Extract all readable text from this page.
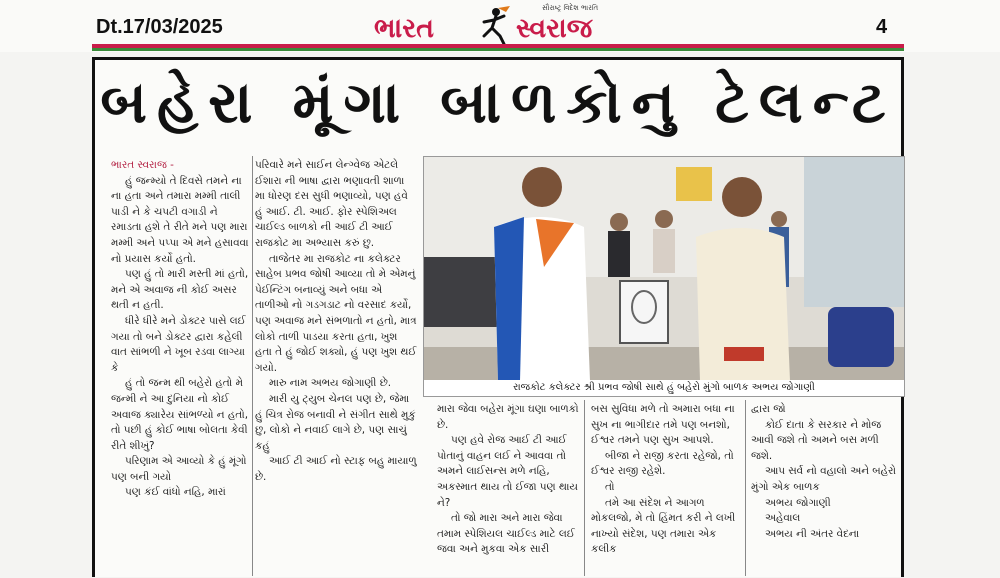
Dt.17/03/2025	ભારત	સ્વરાજ
સૌરાષ્ટ્ર વિદેશ ભારતિ
4
બહેરા મૂંગા બાળકોનુ ટેલન્ટ

ભારત સ્વરાજ -

હું જન્મ્યો તે દિવસે તમને ના ના હતા અને તમારા મમ્મી તાલી પાડી ને કે ચપટી વગાડી ને રમાડતા હશે તે રીતે મને પણ મારા મમ્મી અને પપ્પા એ મને હસાવવા નો પ્રયાસ કર્યો હતો.

પણ હું તો મારી મસ્તી માં હતો, મને એ અવાજ ની કોઈ અસર થતી ન હતી.

ધીરે ધીરે મને ડોક્ટર પાસે લઈ ગયા તો બને ડોક્ટર દ્વારા કહેલી વાત સાંભળી ને ખૂબ રડવા લાગ્યા કે

હું તો જન્મ થી બહેરો હતો મે જન્મી ને આ દુનિયા નો કોઈ અવાજ ક્યારેય સાંભળ્યો ન હતો, તો પછી હું કોઈ ભાષા બોલતા કેવી રીતે શીખું?

પરિણામ એ આવ્યો કે હું મૂંગો પણ બની ગયો

પણ કંઈ વાંધો નહિ, મારાં

પરિવારે મને સાઈન લેન્ગ્વેજ એટલે ઈશારા ની ભાષા દ્વારા ભણાવતી શાળા મા ધોરણ દસ સુધી ભણાવ્યો, પણ હવે હું આઈ. ટી. આઈ. ફોર સ્પેશિઅલ ચાઈલ્ડ બાળકો ની આઈ ટી આઈ રાજકોટ મા અભ્યાસ કરું છુ.

તાજેતર મા રાજકોટ ના કલેક્ટર સાહેબ પ્રભવ જોષી આવ્યા તો મે એમનું પેઈન્ટિંગ બનાવ્યું અને બધા એ તાળીઓ નો ગડગડાટ નો વરસાદ કર્યો, પણ અવાજ મને સંભળાતો ન હતો, માત્ર લોકો તાળી પાડયા કરતા હતા, ખુશ હતા તે હું જોઈ શક્યો, હું પણ ખુશ થઈ ગયો.

મારુ નામ અભય જોગાણી છે.

મારી યુ ટ્યુબ ચેનલ પણ છે, જેમા હું ચિત્ર રોજ બનાવી ને સંગીત સાથે મુકું છુ, લોકો ને નવાઈ લાગે છે, પણ સાચું કહું

આઈ ટી આઈ નો સ્ટાફ બહુ માયાળુ છે.

રાજકોટ કલેક્ટર શ્રી પ્રભવ જોષી સાથે હું બહેરો મુંગો બાળક અભય જોગાણી

મારા જેવા બહેરા મૂંગા ઘણા બાળકો છે.

પણ હવે રોજ આઈ ટી આઈ પોતાનું વાહન લઈ ને આવવા તો અમને લાઈસન્સ મળે નહિ, અકસ્માત થાય તો ઈજા પણ થાય ને?

તો જો મારા અને મારા જેવા તમામ સ્પેશિયલ ચાઈલ્ડ માટે લઈ જવા અને મુકવા એક સારી

બસ સુવિધા મળે તો અમારા બધા ના સુખ ના ભાગીદાર તમે પણ બનશો, ઈશ્વર તમને પણ સુખ આપશે.

બીજા ને રાજી કરતા રહેજો, તો ઈશ્વર રાજી રહેશે.

તો

તમે આ સંદેશ ને આગળ મોકલજો, મે તો હિંમત કરી ને લખી નાખ્યો સંદેશ, પણ તમારા એક કલીક

દ્વારા જો

કોઈ દાતા કે સરકાર ને મોજ આવી જશે તો અમને બસ મળી જશે.

આપ સર્વ નો વહાલો અને બહેરો મુંગો એક બાળક

અભય જોગાણી

અહેવાલ

અભય ની અંતર વેદના
